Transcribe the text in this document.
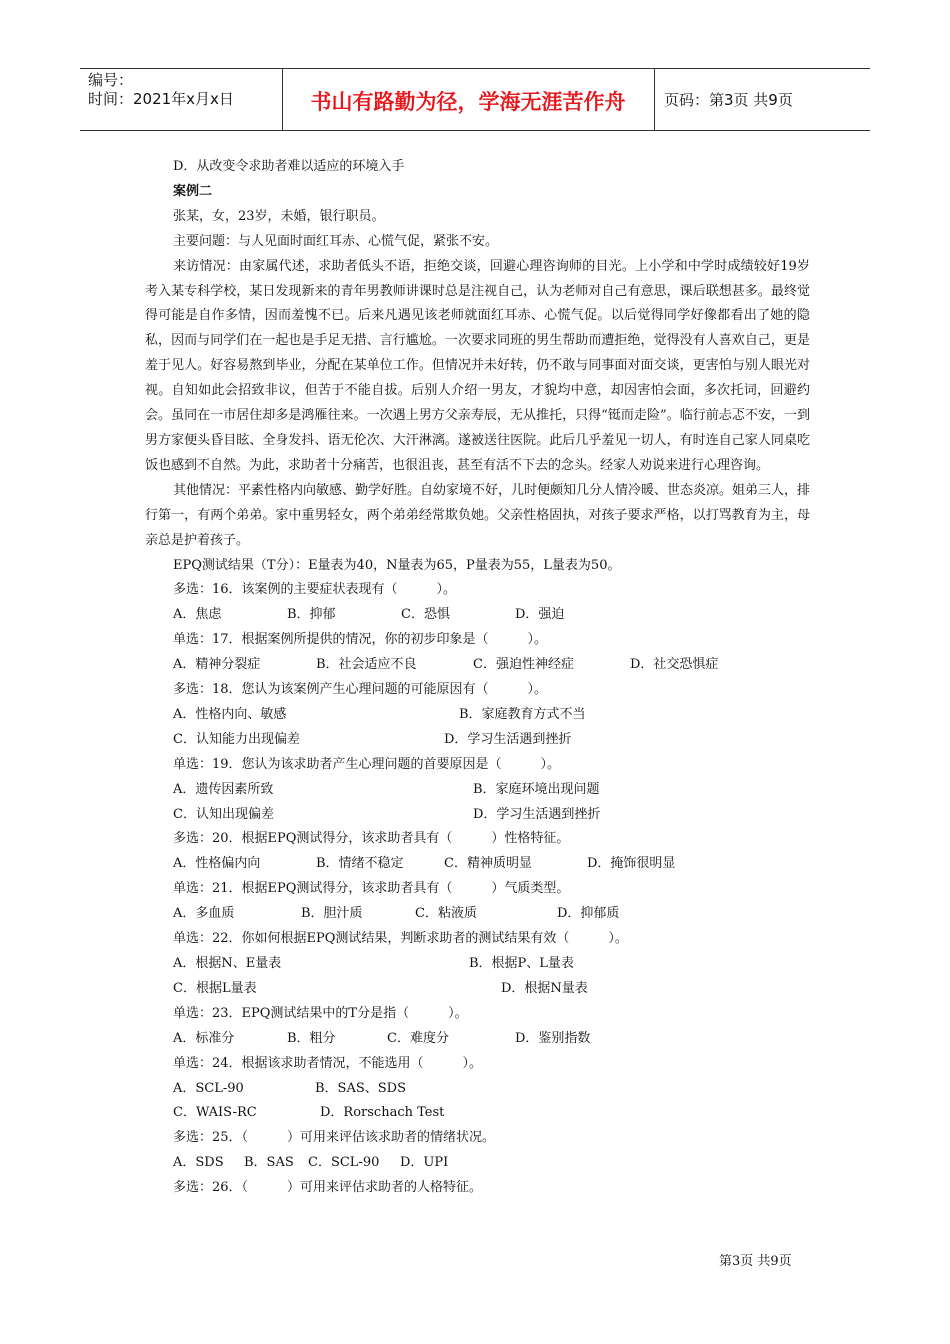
编号：
时间：2021年x月x日	书山有路勤为径，学海无涯苦作舟	页码：第3页 共9页
D．从改变令求助者难以适应的环境入手
案例二
张某，女，23岁，未婚，银行职员。
主要问题：与人见面时面红耳赤、心慌气促，紧张不安。
来访情况：由家属代述，求助者低头不语，拒绝交谈，回避心理咨询师的目光。上小学和中学时成绩较好19岁考入某专科学校，某日发现新来的青年男教师讲课时总是注视自己，认为老师对自己有意思，课后联想甚多。最终觉得可能是自作多情，因而羞愧不已。后来凡遇见该老师就面红耳赤、心慌气促。以后觉得同学好像都看出了她的隐私，因而与同学们在一起也是手足无措、言行尴尬。一次要求同班的男生帮助而遭拒绝，觉得没有人喜欢自己，更是羞于见人。好容易熬到毕业，分配在某单位工作。但情况并未好转，仍不敢与同事面对面交谈，更害怕与别人眼光对视。自知如此会招致非议，但苦于不能自拔。后别人介绍一男友，才貌均中意，却因害怕会面，多次托词，回避约会。虽同在一市居住却多是鸿雁往来。一次遇上男方父亲寿辰，无从推托，只得“铤而走险”。临行前忐忑不安，一到男方家便头昏目眩、全身发抖、语无伦次、大汗淋漓。遂被送往医院。此后几乎羞见一切人，有时连自己家人同桌吃饭也感到不自然。为此，求助者十分痛苦，也很沮丧，甚至有活不下去的念头。经家人劝说来进行心理咨询。
其他情况：平素性格内向敏感、勤学好胜。自幼家境不好，儿时便颇知几分人情冷暖、世态炎凉。姐弟三人，排行第一，有两个弟弟。家中重男轻女，两个弟弟经常欺负她。父亲性格固执，对孩子要求严格，以打骂教育为主，母亲总是护着孩子。
EPQ测试结果（T分）：E量表为40，N量表为65，P量表为55，L量表为50。
多选：16．该案例的主要症状表现有（　　　）。
A．焦虑	B．抑郁	C．恐惧	D．强迫
单选：17．根据案例所提供的情况，你的初步印象是（　　　）。
A．精神分裂症	B．社会适应不良	C．强迫性神经症	D．社交恐惧症
多选：18．您认为该案例产生心理问题的可能原因有（　　　）。
A．性格内向、敏感	B．家庭教育方式不当
C．认知能力出现偏差	D．学习生活遇到挫折
单选：19．您认为该求助者产生心理问题的首要原因是（　　　）。
A．遗传因素所致	B．家庭环境出现问题
C．认知出现偏差	D．学习生活遇到挫折
多选：20．根据EPQ测试得分，该求助者具有（　　　）性格特征。
A．性格偏内向	B．情绪不稳定	C．精神质明显	D．掩饰很明显
单选：21．根据EPQ测试得分，该求助者具有（　　　）气质类型。
A．多血质	B．胆汁质	C．粘液质	D．抑郁质
单选：22．你如何根据EPQ测试结果，判断求助者的测试结果有效（　　　）。
A．根据N、E量表	B．根据P、L量表
C．根据L量表	D．根据N量表
单选：23．EPQ测试结果中的T分是指（　　　）。
A．标准分	B．粗分	C．难度分	D．鉴别指数
单选：24．根据该求助者情况，不能选用（　　　）。
A．SCL-90	B．SAS、SDS
C．WAIS-RC	D．Rorschach Test
多选：25．（　　　）可用来评估该求助者的情绪状况。
A．SDS	B．SAS	C．SCL-90	D．UPI
多选：26．（　　　）可用来评估求助者的人格特征。
第3页 共9页
